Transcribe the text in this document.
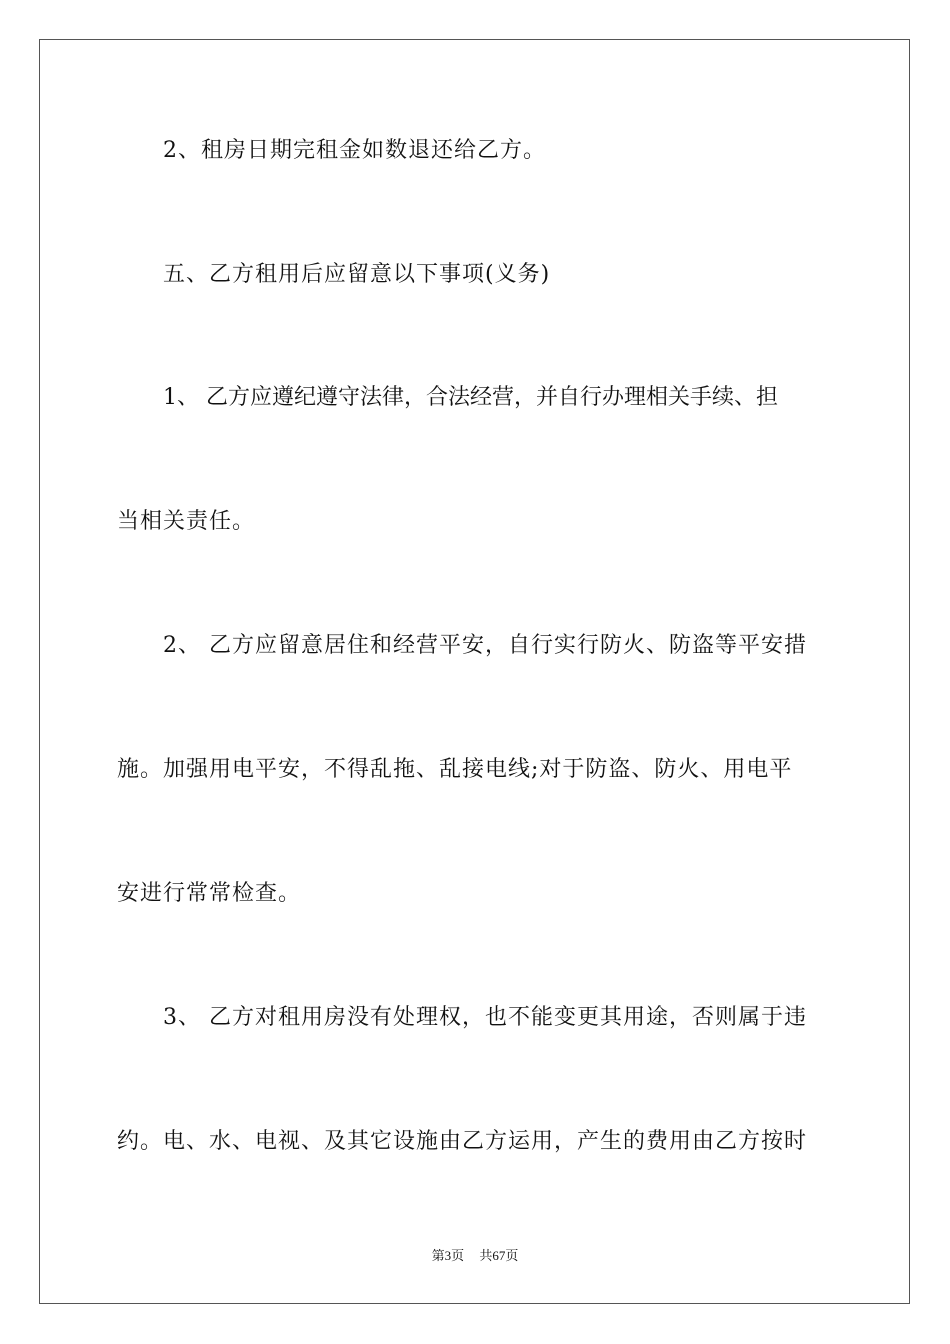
2、租房日期完租金如数退还给乙方。
五、乙方租用后应留意以下事项(义务)
1、 乙方应遵纪遵守法律，合法经营，并自行办理相关手续、担
当相关责任。
2、 乙方应留意居住和经营平安，自行实行防火、防盗等平安措
施。加强用电平安，不得乱拖、乱接电线;对于防盗、防火、用电平
安进行常常检查。
3、 乙方对租用房没有处理权，也不能变更其用途，否则属于违
约。电、水、电视、及其它设施由乙方运用，产生的费用由乙方按时
第3页 共67页
